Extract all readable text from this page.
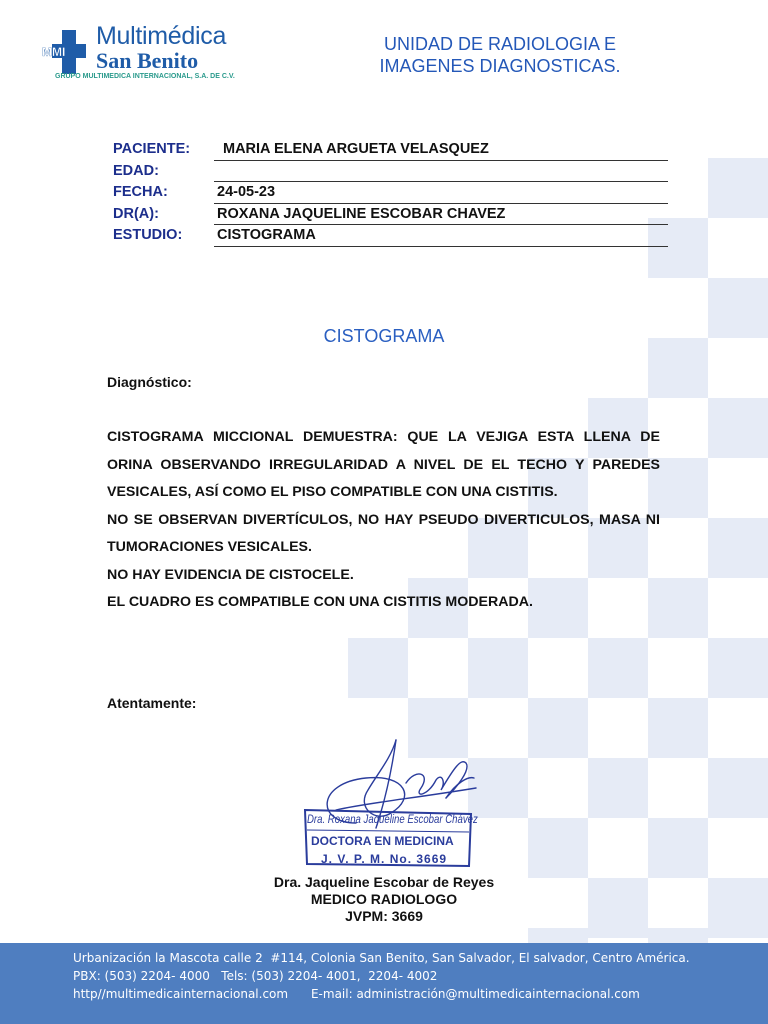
MMI
Multimédica
San Benito
GRUPO MULTIMEDICA INTERNACIONAL, S.A. DE C.V.
UNIDAD DE RADIOLOGIA E
IMAGENES DIAGNOSTICAS.
PACIENTE: MARIA ELENA ARGUETA VELASQUEZ
EDAD:
FECHA:	24-05-23
DR(A):	ROXANA JAQUELINE ESCOBAR CHAVEZ
ESTUDIO: CISTOGRAMA
CISTOGRAMA
Diagnóstico:

CISTOGRAMA MICCIONAL DEMUESTRA: QUE LA VEJIGA ESTA LLENA DE ORINA OBSERVANDO IRREGULARIDAD A NIVEL DE EL TECHO Y PAREDES VESICALES, ASÍ COMO EL PISO COMPATIBLE CON UNA CISTITIS.

NO SE OBSERVAN DIVERTÍCULOS, NO HAY PSEUDO DIVERTICULOS, MASA NI TUMORACIONES VESICALES.

NO HAY EVIDENCIA DE CISTOCELE.

EL CUADRO ES COMPATIBLE CON UNA CISTITIS MODERADA.

Atentamente:
Dra. Roxana Jaqueline Escobar Chávez
DOCTORA EN MEDICINA
J. V. P. M. No. 3669
Dra. Jaqueline Escobar de Reyes
MEDICO RADIOLOGO
JVPM: 3669
Urbanización la Mascota calle 2  #114, Colonia San Benito, San Salvador, El salvador, Centro América.
PBX: (503) 2204- 4000   Tels: (503) 2204- 4001,  2204- 4002
http//multimedicainternacional.com      E-mail: administración@multimedicainternacional.com
